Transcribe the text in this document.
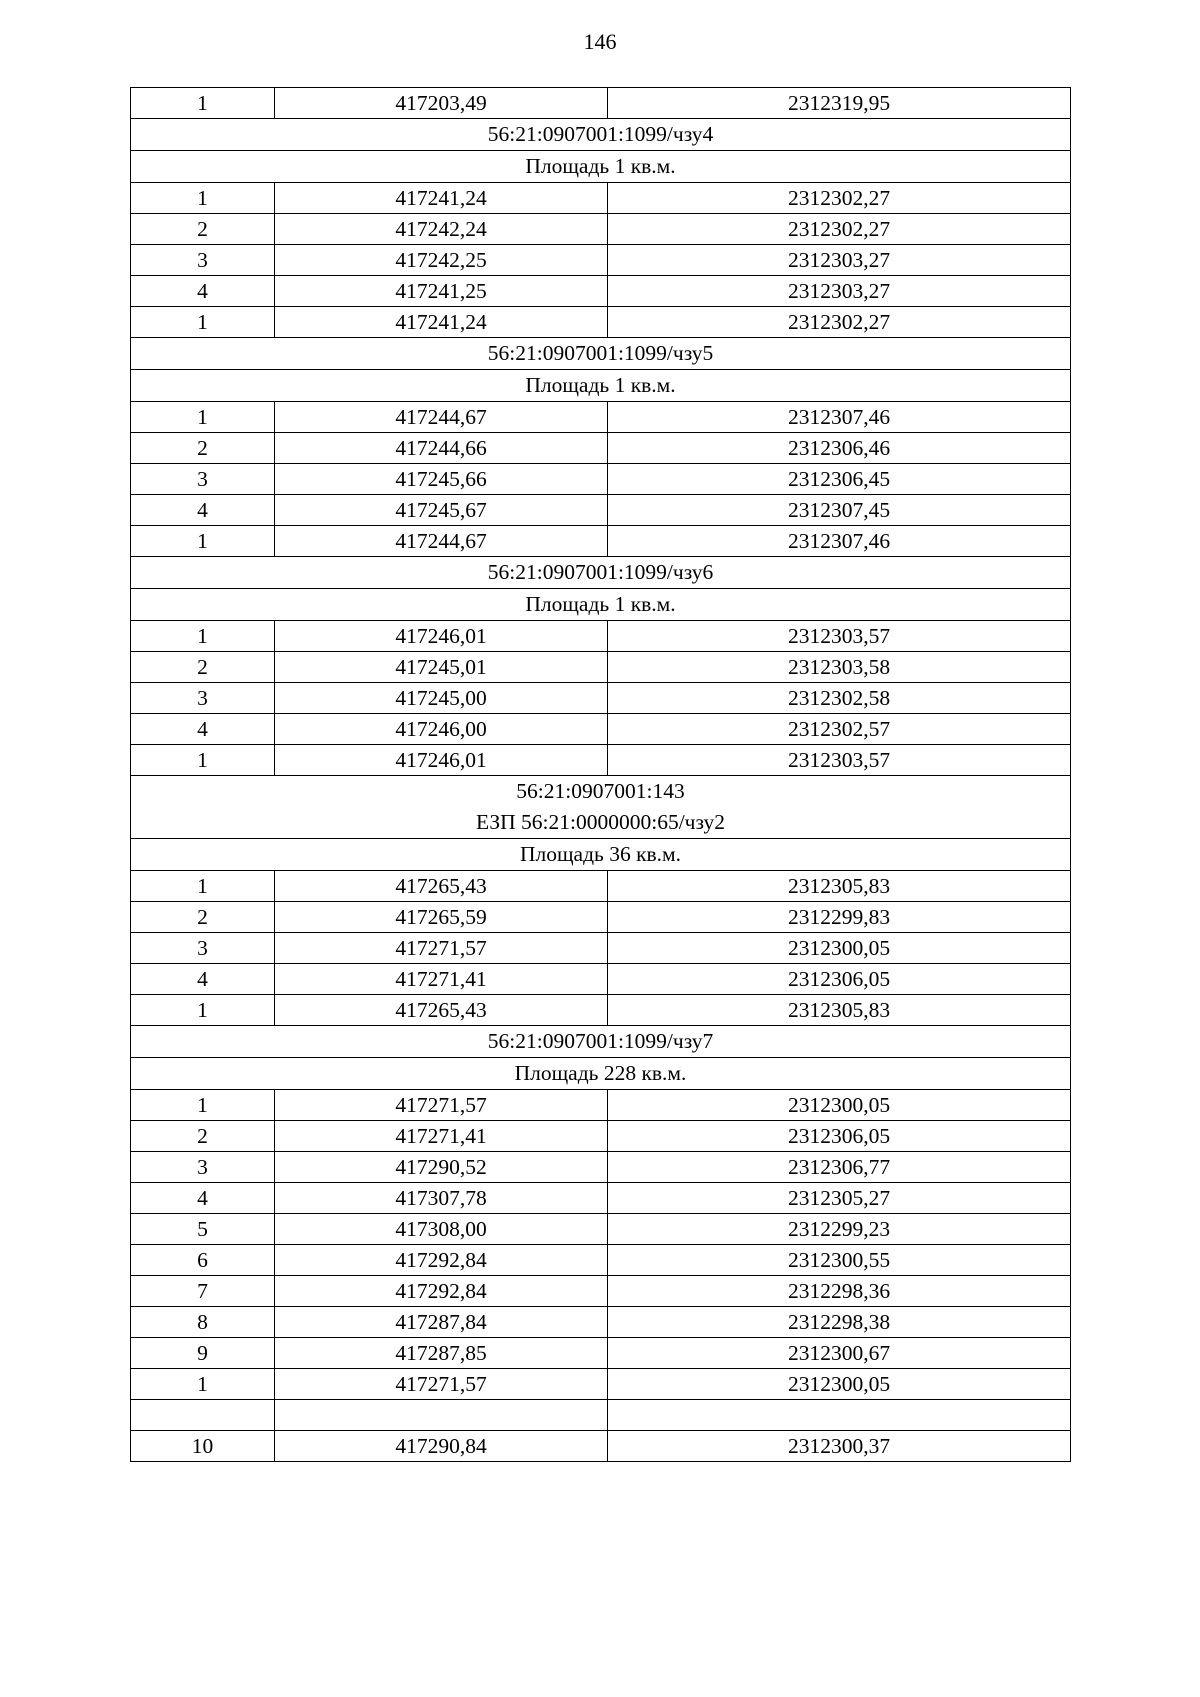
146
1	417203,49	2312319,95

56:21:0907001:1099/чзу4		

Площадь 1 кв.м.		

1	417241,24	2312302,27
2	417242,24	2312302,27
3	417242,25	2312303,27
4	417241,25	2312303,27
1	417241,24	2312302,27

56:21:0907001:1099/чзу5		

Площадь 1 кв.м.		

1	417244,67	2312307,46
2	417244,66	2312306,46
3	417245,66	2312306,45
4	417245,67	2312307,45
1	417244,67	2312307,46

56:21:0907001:1099/чзу6		

Площадь 1 кв.м.		

1	417246,01	2312303,57
2	417245,01	2312303,58
3	417245,00	2312302,58
4	417246,00	2312302,57
1	417246,01	2312303,57

56:21:0907001:143
ЕЗП 56:21:0000000:65/чзу2		

Площадь 36 кв.м.		

1	417265,43	2312305,83
2	417265,59	2312299,83
3	417271,57	2312300,05
4	417271,41	2312306,05
1	417265,43	2312305,83

56:21:0907001:1099/чзу7		

Площадь 228 кв.м.		

1	417271,57	2312300,05
2	417271,41	2312306,05
3	417290,52	2312306,77
4	417307,78	2312305,27
5	417308,00	2312299,23
6	417292,84	2312300,55
7	417292,84	2312298,36
8	417287,84	2312298,38
9	417287,85	2312300,67
1	417271,57	2312300,05

10	417290,84	2312300,37
